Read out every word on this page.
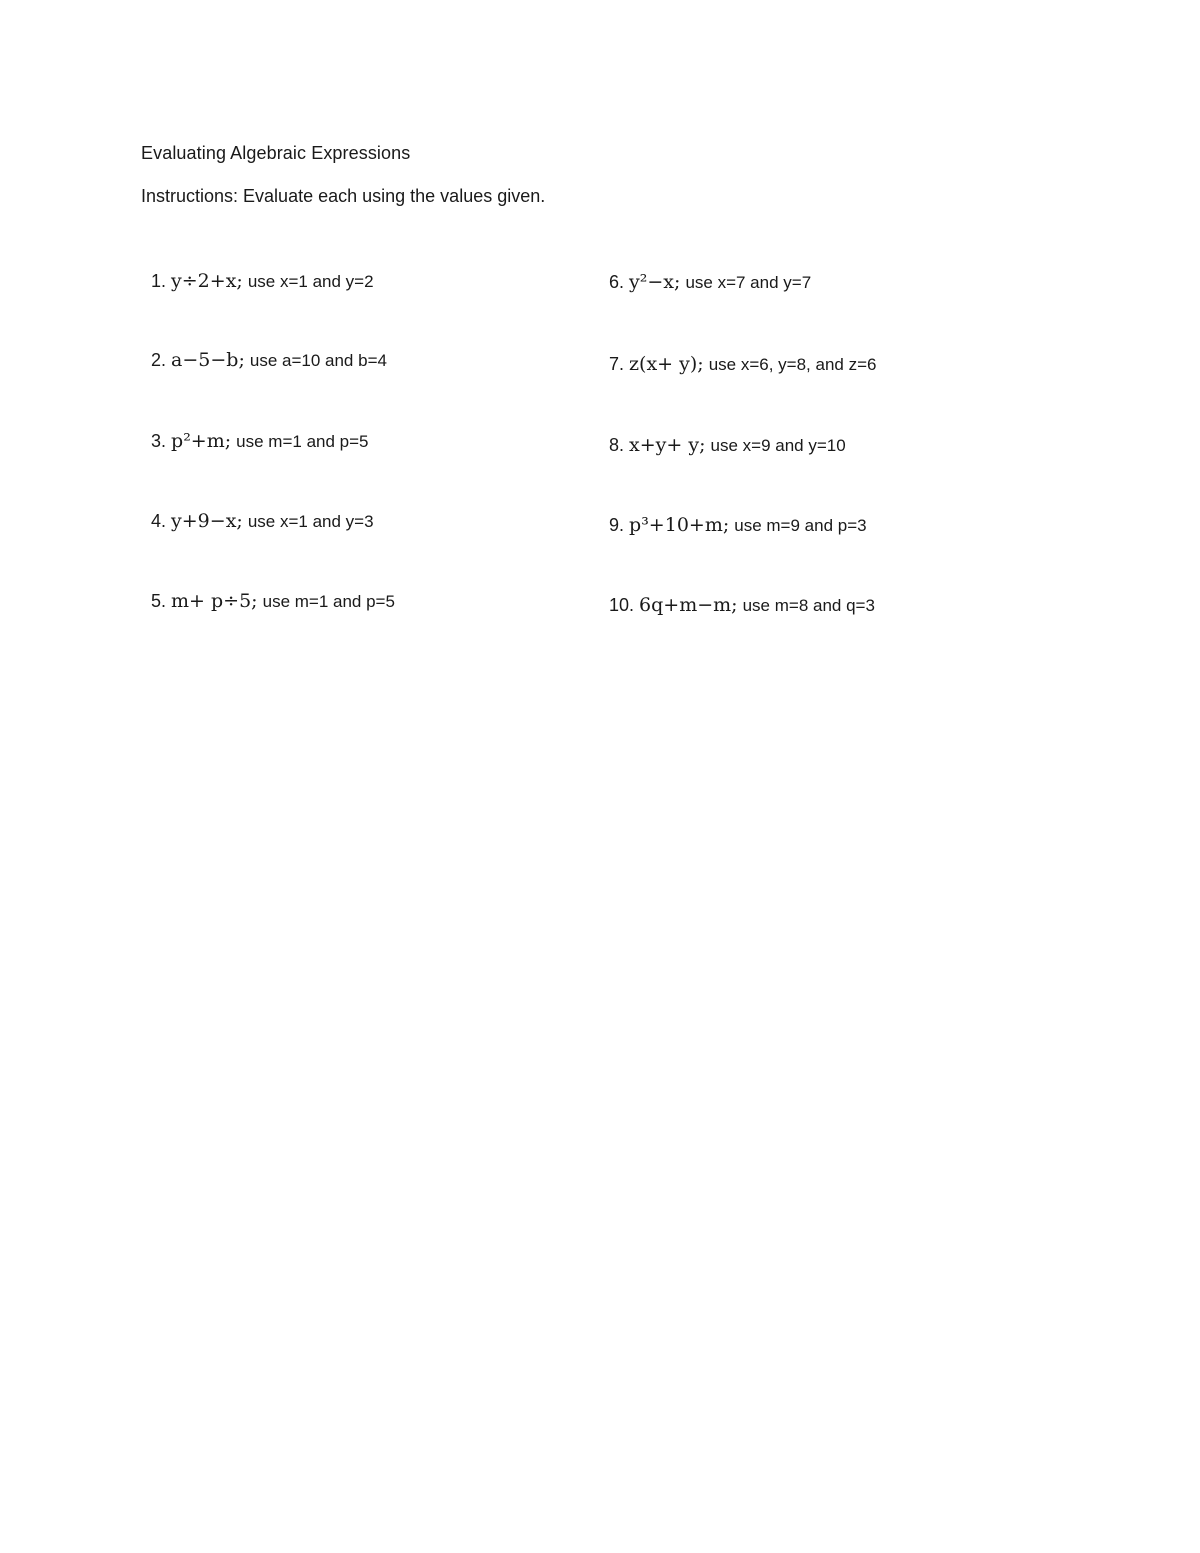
Evaluating Algebraic Expressions
Instructions: Evaluate each using the values given.
1. y÷2+x; use x=1 and y=2
2. a−5−b; use a=10 and b=4
3. p²+m; use m=1 and p=5
4. y+9−x; use x=1 and y=3
5. m+ p÷5; use m=1 and p=5
6. y²−x; use x=7 and y=7
7. z(x+ y); use x=6, y=8, and z=6
8. x+y+ y; use x=9 and y=10
9. p³+10+m; use m=9 and p=3
10. 6q+m−m; use m=8 and q=3
